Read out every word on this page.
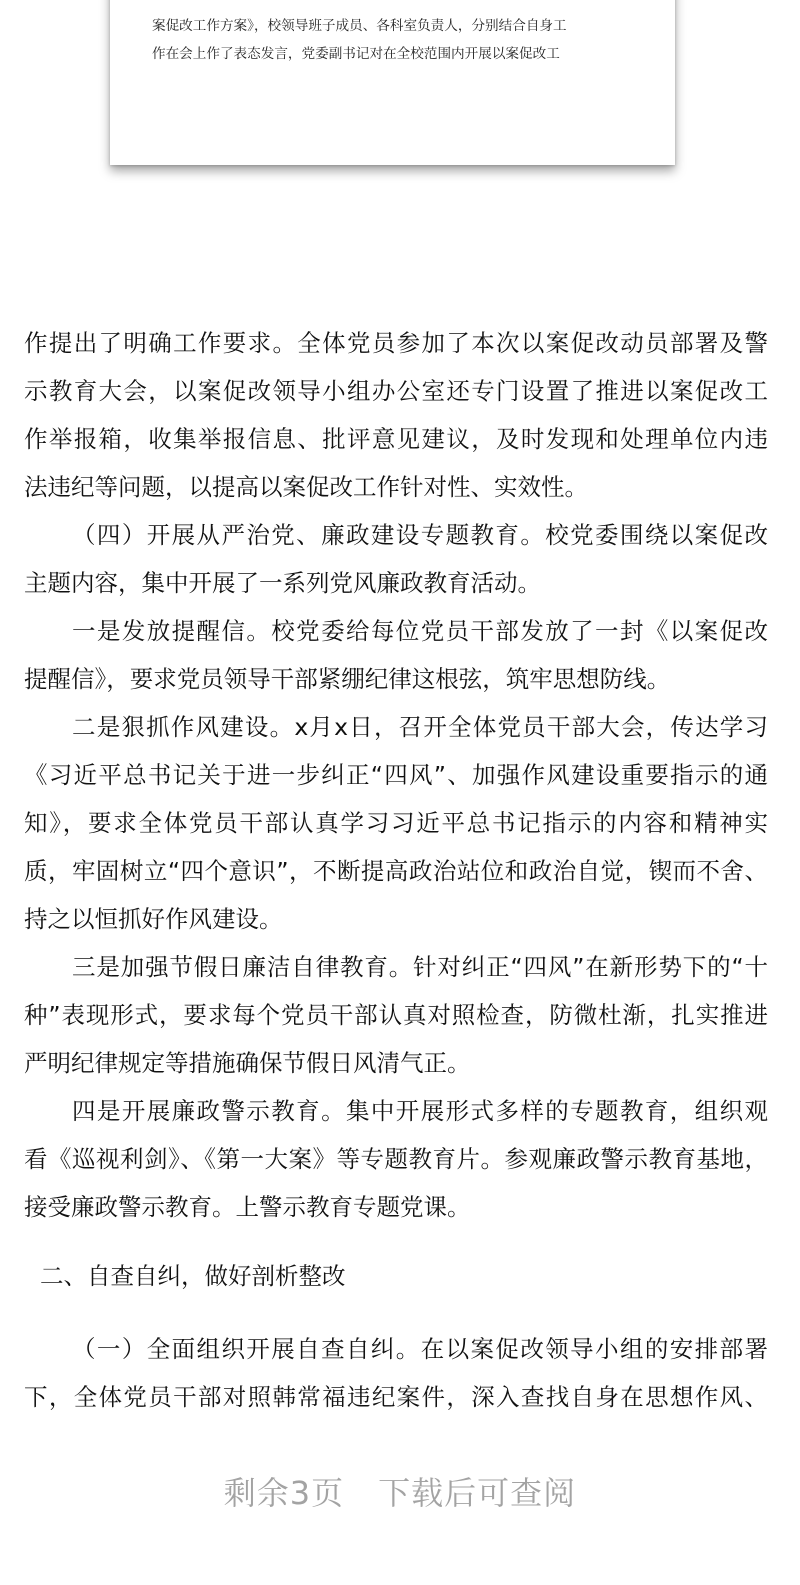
案促改工作方案》，校领导班子成员、各科室负责人，分别结合自身工
作在会上作了表态发言，党委副书记对在全校范围内开展以案促改工
作提出了明确工作要求。全体党员参加了本次以案促改动员部署及警
示教育大会，以案促改领导小组办公室还专门设置了推进以案促改工
作举报箱，收集举报信息、批评意见建议，及时发现和处理单位内违
法违纪等问题，以提高以案促改工作针对性、实效性。
（四）开展从严治党、廉政建设专题教育。校党委围绕以案促改
主题内容，集中开展了一系列党风廉政教育活动。
一是发放提醒信。校党委给每位党员干部发放了一封《以案促改
提醒信》，要求党员领导干部紧绷纪律这根弦，筑牢思想防线。
二是狠抓作风建设。x月x日，召开全体党员干部大会，传达学习
《习近平总书记关于进一步纠正“四风”、加强作风建设重要指示的通
知》，要求全体党员干部认真学习习近平总书记指示的内容和精神实
质，牢固树立“四个意识”，不断提高政治站位和政治自觉，锲而不舍、
持之以恒抓好作风建设。
三是加强节假日廉洁自律教育。针对纠正“四风”在新形势下的“十
种”表现形式，要求每个党员干部认真对照检查，防微杜渐，扎实推进
严明纪律规定等措施确保节假日风清气正。
四是开展廉政警示教育。集中开展形式多样的专题教育，组织观
看《巡视利剑》、《第一大案》等专题教育片。参观廉政警示教育基地，
接受廉政警示教育。上警示教育专题党课。
二、自查自纠，做好剖析整改
（一）全面组织开展自查自纠。在以案促改领导小组的安排部署
下，全体党员干部对照韩常福违纪案件，深入查找自身在思想作风、
剩余3页 下载后可查阅
